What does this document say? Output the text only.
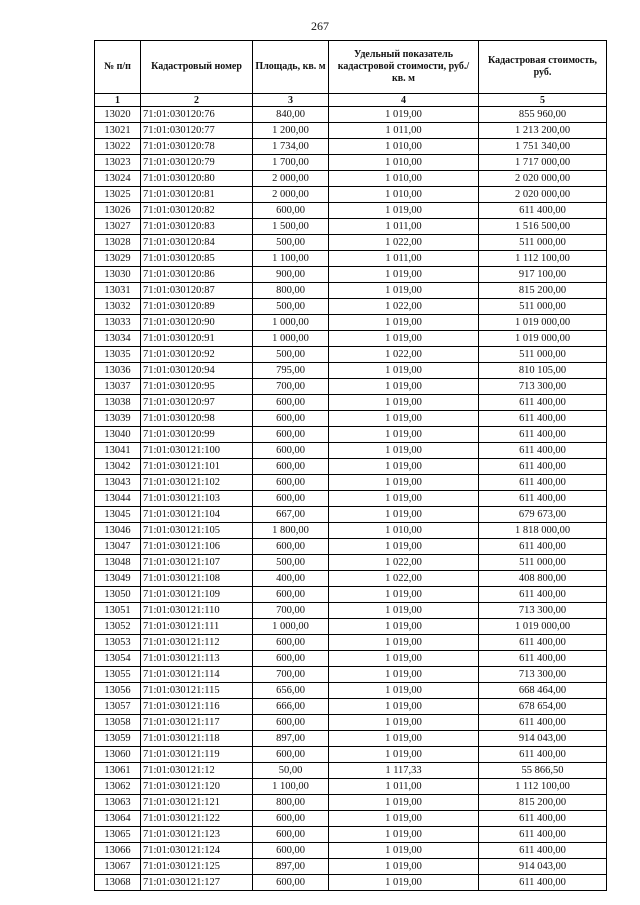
267
№ п/п	Кадастровый номер	Площадь, кв. м	Удельный показатель кадастровой стоимости, руб./кв. м	Кадастровая стоимость, руб.
1	2	3	4	5
13020	71:01:030120:76	840,00	1 019,00	855 960,00
13021	71:01:030120:77	1 200,00	1 011,00	1 213 200,00
13022	71:01:030120:78	1 734,00	1 010,00	1 751 340,00
13023	71:01:030120:79	1 700,00	1 010,00	1 717 000,00
13024	71:01:030120:80	2 000,00	1 010,00	2 020 000,00
13025	71:01:030120:81	2 000,00	1 010,00	2 020 000,00
13026	71:01:030120:82	600,00	1 019,00	611 400,00
13027	71:01:030120:83	1 500,00	1 011,00	1 516 500,00
13028	71:01:030120:84	500,00	1 022,00	511 000,00
13029	71:01:030120:85	1 100,00	1 011,00	1 112 100,00
13030	71:01:030120:86	900,00	1 019,00	917 100,00
13031	71:01:030120:87	800,00	1 019,00	815 200,00
13032	71:01:030120:89	500,00	1 022,00	511 000,00
13033	71:01:030120:90	1 000,00	1 019,00	1 019 000,00
13034	71:01:030120:91	1 000,00	1 019,00	1 019 000,00
13035	71:01:030120:92	500,00	1 022,00	511 000,00
13036	71:01:030120:94	795,00	1 019,00	810 105,00
13037	71:01:030120:95	700,00	1 019,00	713 300,00
13038	71:01:030120:97	600,00	1 019,00	611 400,00
13039	71:01:030120:98	600,00	1 019,00	611 400,00
13040	71:01:030120:99	600,00	1 019,00	611 400,00
13041	71:01:030121:100	600,00	1 019,00	611 400,00
13042	71:01:030121:101	600,00	1 019,00	611 400,00
13043	71:01:030121:102	600,00	1 019,00	611 400,00
13044	71:01:030121:103	600,00	1 019,00	611 400,00
13045	71:01:030121:104	667,00	1 019,00	679 673,00
13046	71:01:030121:105	1 800,00	1 010,00	1 818 000,00
13047	71:01:030121:106	600,00	1 019,00	611 400,00
13048	71:01:030121:107	500,00	1 022,00	511 000,00
13049	71:01:030121:108	400,00	1 022,00	408 800,00
13050	71:01:030121:109	600,00	1 019,00	611 400,00
13051	71:01:030121:110	700,00	1 019,00	713 300,00
13052	71:01:030121:111	1 000,00	1 019,00	1 019 000,00
13053	71:01:030121:112	600,00	1 019,00	611 400,00
13054	71:01:030121:113	600,00	1 019,00	611 400,00
13055	71:01:030121:114	700,00	1 019,00	713 300,00
13056	71:01:030121:115	656,00	1 019,00	668 464,00
13057	71:01:030121:116	666,00	1 019,00	678 654,00
13058	71:01:030121:117	600,00	1 019,00	611 400,00
13059	71:01:030121:118	897,00	1 019,00	914 043,00
13060	71:01:030121:119	600,00	1 019,00	611 400,00
13061	71:01:030121:12	50,00	1 117,33	55 866,50
13062	71:01:030121:120	1 100,00	1 011,00	1 112 100,00
13063	71:01:030121:121	800,00	1 019,00	815 200,00
13064	71:01:030121:122	600,00	1 019,00	611 400,00
13065	71:01:030121:123	600,00	1 019,00	611 400,00
13066	71:01:030121:124	600,00	1 019,00	611 400,00
13067	71:01:030121:125	897,00	1 019,00	914 043,00
13068	71:01:030121:127	600,00	1 019,00	611 400,00
